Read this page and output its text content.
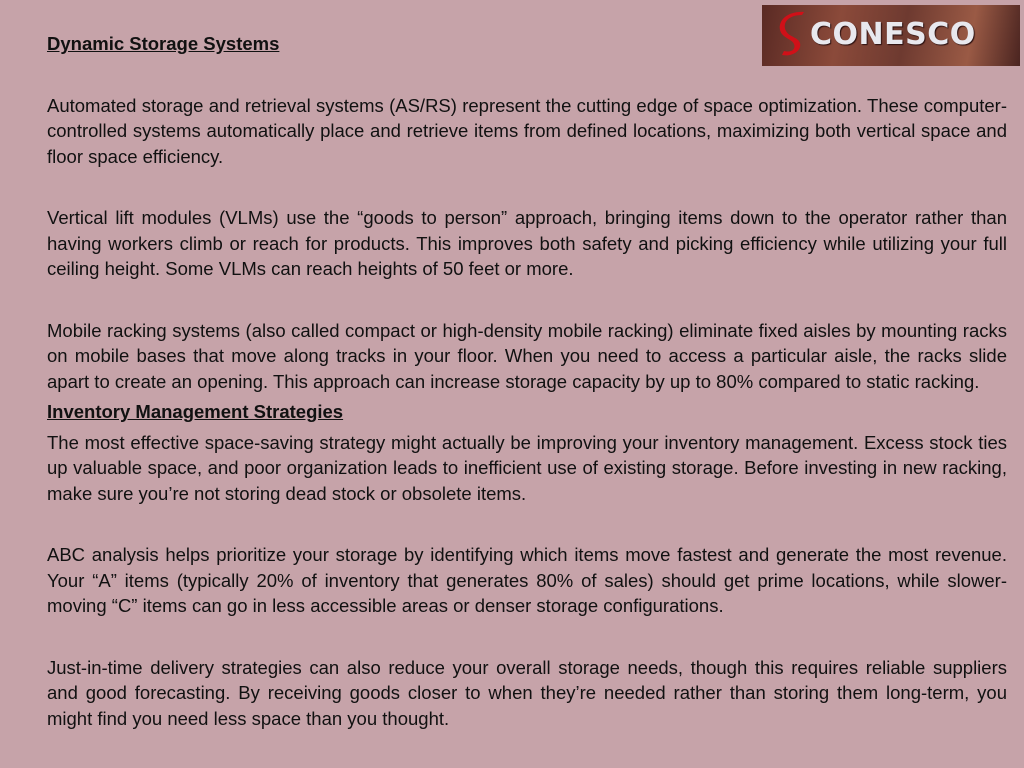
CONESCO
Dynamic Storage Systems

Automated storage and retrieval systems (AS/RS) represent the cutting edge of space optimization. These computer-controlled systems automatically place and retrieve items from defined locations, maximizing both vertical space and floor space efficiency.

Vertical lift modules (VLMs) use the “goods to person” approach, bringing items down to the operator rather than having workers climb or reach for products. This improves both safety and picking efficiency while utilizing your full ceiling height. Some VLMs can reach heights of 50 feet or more.

Mobile racking systems (also called compact or high-density mobile racking) eliminate fixed aisles by mounting racks on mobile bases that move along tracks in your floor. When you need to access a particular aisle, the racks slide apart to create an opening. This approach can increase storage capacity by up to 80% compared to static racking.

Inventory Management Strategies

The most effective space-saving strategy might actually be improving your inventory management. Excess stock ties up valuable space, and poor organization leads to inefficient use of existing storage. Before investing in new racking, make sure you’re not storing dead stock or obsolete items.

ABC analysis helps prioritize your storage by identifying which items move fastest and generate the most revenue. Your “A” items (typically 20% of inventory that generates 80% of sales) should get prime locations, while slower-moving “C” items can go in less accessible areas or denser storage configurations.

Just-in-time delivery strategies can also reduce your overall storage needs, though this requires reliable suppliers and good forecasting. By receiving goods closer to when they’re needed rather than storing them long-term, you might find you need less space than you thought.
